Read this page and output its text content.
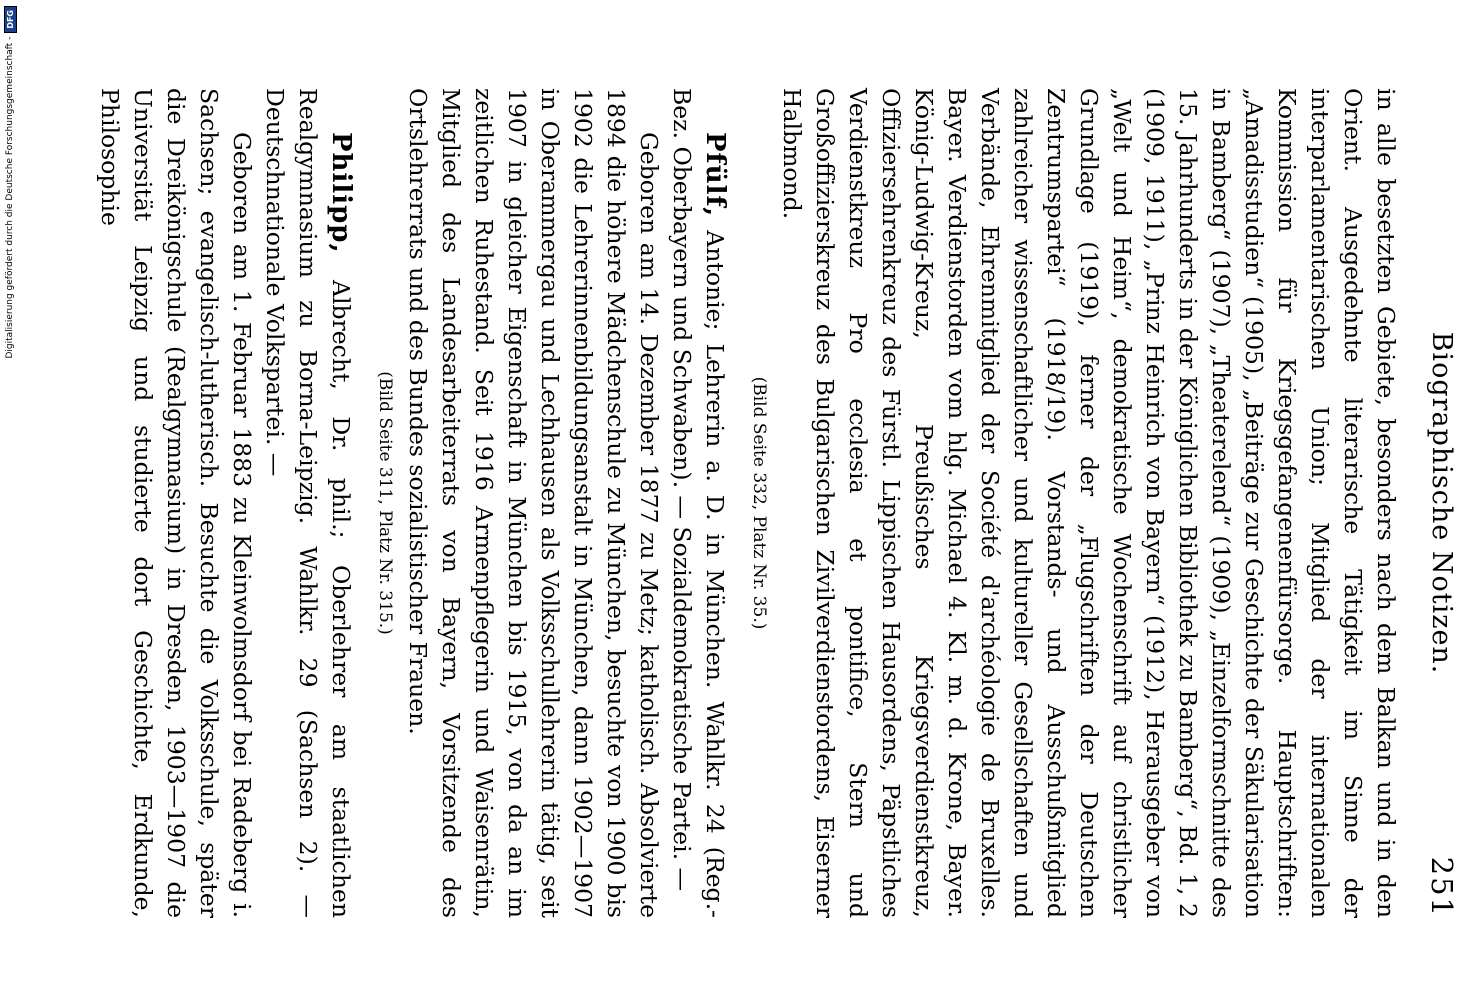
Digitalisierung gefördert durch die Deutsche Forschungsgemeinschaft -
DFG
Biographische Notizen.
251

in alle besetzten Gebiete, besonders nach dem Balkan und in den Orient. Ausgedehnte literarische Tätigkeit im Sinne der interparlamentarischen Union; Mitglied der internationalen Kommission für Kriegsgefangenenfürsorge. Hauptschriften: „Amadisstudien“ (1905), „Beiträge zur Geschichte der Säkularisation in Bamberg“ (1907), „Theaterelend“ (1909), „Einzelformschnitte des 15. Jahrhunderts in der Königlichen Bibliothek zu Bamberg“, Bd. 1, 2 (1909, 1911), „Prinz Heinrich von Bayern“ (1912), Herausgeber von „Welt und Heim“, demokratische Wochenschrift auf christlicher Grundlage (1919), ferner der „Flugschriften der Deutschen Zentrumspartei“ (1918/19). Vorstands- und Ausschußmitglied zahlreicher wissenschaftlicher und kultureller Gesellschaften und Verbände, Ehrenmitglied der Société d'archéologie de Bruxelles. Bayer. Verdienstorden vom hlg. Michael 4. Kl. m. d. Krone, Bayer. König-Ludwig-Kreuz, Preußisches Kriegsverdienstkreuz, Offiziersehrenkreuz des Fürstl. Lippischen Hausordens, Päpstliches Verdienstkreuz Pro ecclesia et pontifice, Stern und Großoffizierskreuz des Bulgarischen Zivilverdienstordens, Eiserner Halbmond.

(Bild Seite 332, Platz Nr. 35.)

Pfülf, Antonie; Lehrerin a. D. in München. Wahlkr. 24 (Reg.-Bez. Oberbayern und Schwaben). — Sozialdemokratische Partei. —

Geboren am 14. Dezember 1877 zu Metz; katholisch. Absolvierte 1894 die höhere Mädchenschule zu München, besuchte von 1900 bis 1902 die Lehrerinnenbildungsanstalt in München, dann 1902—1907 in Oberammergau und Lechhausen als Volksschullehrerin tätig, seit 1907 in gleicher Eigenschaft in München bis 1915, von da an im zeitlichen Ruhestand. Seit 1916 Armenpflegerin und Waisenrätin, Mitglied des Landesarbeiterrats von Bayern, Vorsitzende des Ortslehrerrats und des Bundes sozialistischer Frauen.

(Bild Seite 311, Platz Nr. 315.)

Philipp, Albrecht, Dr. phil.; Oberlehrer am staatlichen Realgymnasium zu Borna-Leipzig. Wahlkr. 29 (Sachsen 2). — Deutschnationale Volkspartei. —

Geboren am 1. Februar 1883 zu Kleinwolmsdorf bei Radeberg i. Sachsen; evangelisch-lutherisch. Besuchte die Volksschule, später die Dreikönigschule (Realgymnasium) in Dresden, 1903—1907 die Universität Leipzig und studierte dort Geschichte, Erdkunde, Philosophie
